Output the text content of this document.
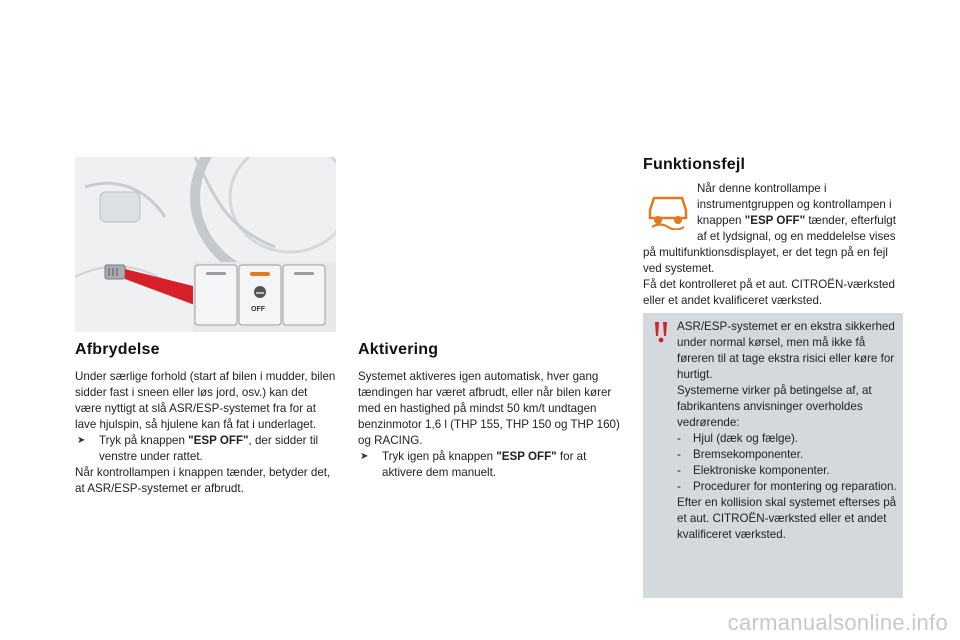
OFF
Afbrydelse

Under særlige forhold (start af bilen i mudder, bilen sidder fast i sneen eller løs jord, osv.) kan det være nyttigt at slå ASR/ESP-systemet fra for at lave hjulspin, så hjulene kan få fat i underlaget.

➤ Tryk på knappen "ESP OFF", der sidder til venstre under rattet.

Når kontrollampen i knappen tænder, betyder det, at ASR/ESP-systemet er afbrudt.

Aktivering

Systemet aktiveres igen automatisk, hver gang tændingen har været afbrudt, eller når bilen kører med en hastighed på mindst 50 km/t undtagen benzinmotor 1,6 l (THP 155, THP 150 og THP 160) og RACING.

➤ Tryk igen på knappen "ESP OFF" for at aktivere dem manuelt.
Funktionsfejl

Når denne kontrollampe i instrumentgruppen og kontrollampen i knappen "ESP OFF" tænder, efterfulgt af et lydsignal, og en meddelelse vises

på multifunktionsdisplayet, er det tegn på en fejl ved systemet.

Få det kontrolleret på et aut. CITROËN-værksted eller et andet kvalificeret værksted.

ASR/ESP-systemet er en ekstra sikkerhed under normal kørsel, men må ikke få føreren til at tage ekstra risici eller køre for hurtigt.
Systemerne virker på betingelse af, at fabrikantens anvisninger overholdes vedrørende:
-	Hjul (dæk og fælge).
-	Bremsekomponenter.
-	Elektroniske komponenter.
-	Procedurer for montering og reparation.
Efter en kollision skal systemet efterses på et aut. CITROËN-værksted eller et andet kvalificeret værksted.
carmanualsonline.info
